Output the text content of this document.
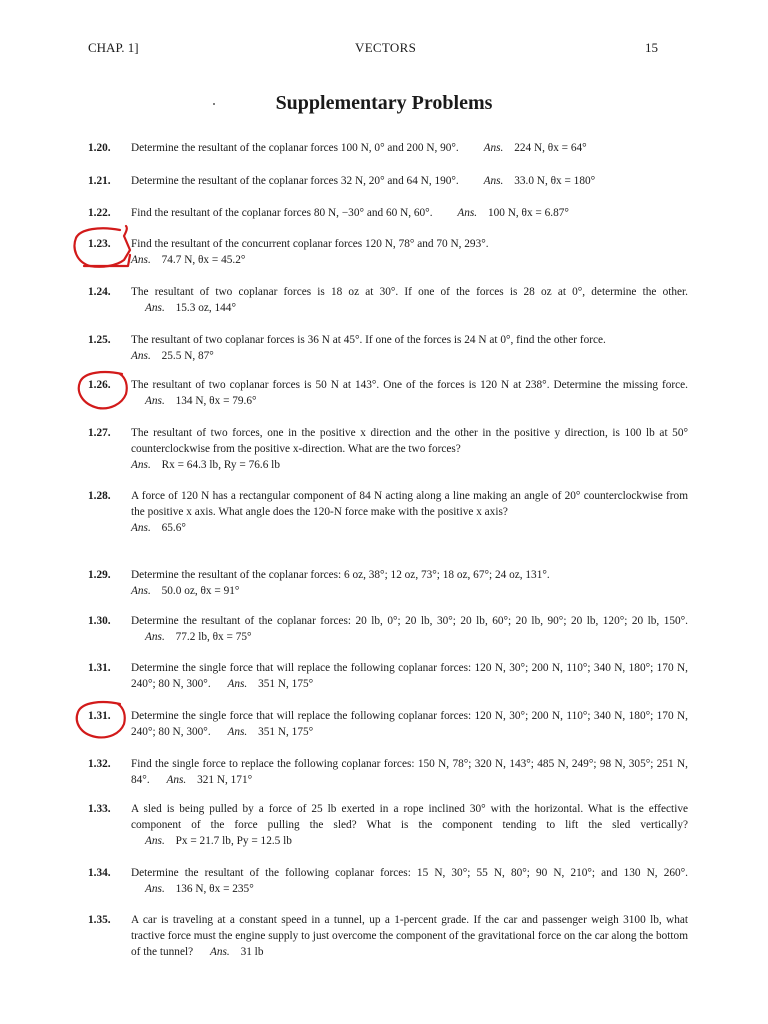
CHAP. 1]	VECTORS	15
Supplementary Problems
1.20.	Determine the resultant of the coplanar forces 100 N, 0° and 200 N, 90°. Ans. 224 N, θx = 64°
1.21.	Determine the resultant of the coplanar forces 32 N, 20° and 64 N, 190°. Ans. 33.0 N, θx = 180°
1.22.	Find the resultant of the coplanar forces 80 N, −30° and 60 N, 60°. Ans. 100 N, θx = 6.87°
1.23.	Find the resultant of the concurrent coplanar forces 120 N, 78° and 70 N, 293°.
Ans. 74.7 N, θx = 45.2°
1.24.	The resultant of two coplanar forces is 18 oz at 30°. If one of the forces is 28 oz at 0°, determine the other. Ans. 15.3 oz, 144°
1.25.	The resultant of two coplanar forces is 36 N at 45°. If one of the forces is 24 N at 0°, find the other force.
Ans. 25.5 N, 87°
1.26.	The resultant of two coplanar forces is 50 N at 143°. One of the forces is 120 N at 238°. Determine the missing force. Ans. 134 N, θx = 79.6°
1.27.	The resultant of two forces, one in the positive x direction and the other in the positive y direction, is 100 lb at 50° counterclockwise from the positive x-direction. What are the two forces?
Ans. Rx = 64.3 lb, Ry = 76.6 lb
1.28.	A force of 120 N has a rectangular component of 84 N acting along a line making an angle of 20° counterclockwise from the positive x axis. What angle does the 120-N force make with the positive x axis?
Ans. 65.6°
1.29.	Determine the resultant of the coplanar forces: 6 oz, 38°; 12 oz, 73°; 18 oz, 67°; 24 oz, 131°.
Ans. 50.0 oz, θx = 91°
1.30.	Determine the resultant of the coplanar forces: 20 lb, 0°; 20 lb, 30°; 20 lb, 60°; 20 lb, 90°; 20 lb, 120°; 20 lb, 150°. Ans. 77.2 lb, θx = 75°
1.31.	Determine the single force that will replace the following coplanar forces: 120 N, 30°; 200 N, 110°; 340 N, 180°; 170 N, 240°; 80 N, 300°. Ans. 351 N, 175°
1.31.	Determine the single force that will replace the following coplanar forces: 120 N, 30°; 200 N, 110°; 340 N, 180°; 170 N, 240°; 80 N, 300°. Ans. 351 N, 175°
1.32.	Find the single force to replace the following coplanar forces: 150 N, 78°; 320 N, 143°; 485 N, 249°; 98 N, 305°; 251 N, 84°. Ans. 321 N, 171°
1.33.	A sled is being pulled by a force of 25 lb exerted in a rope inclined 30° with the horizontal. What is the effective component of the force pulling the sled? What is the component tending to lift the sled vertically? Ans. Px = 21.7 lb, Py = 12.5 lb
1.34.	Determine the resultant of the following coplanar forces: 15 N, 30°; 55 N, 80°; 90 N, 210°; and 130 N, 260°. Ans. 136 N, θx = 235°
1.35.	A car is traveling at a constant speed in a tunnel, up a 1-percent grade. If the car and passenger weigh 3100 lb, what tractive force must the engine supply to just overcome the component of the gravitational force on the car along the bottom of the tunnel? Ans. 31 lb
